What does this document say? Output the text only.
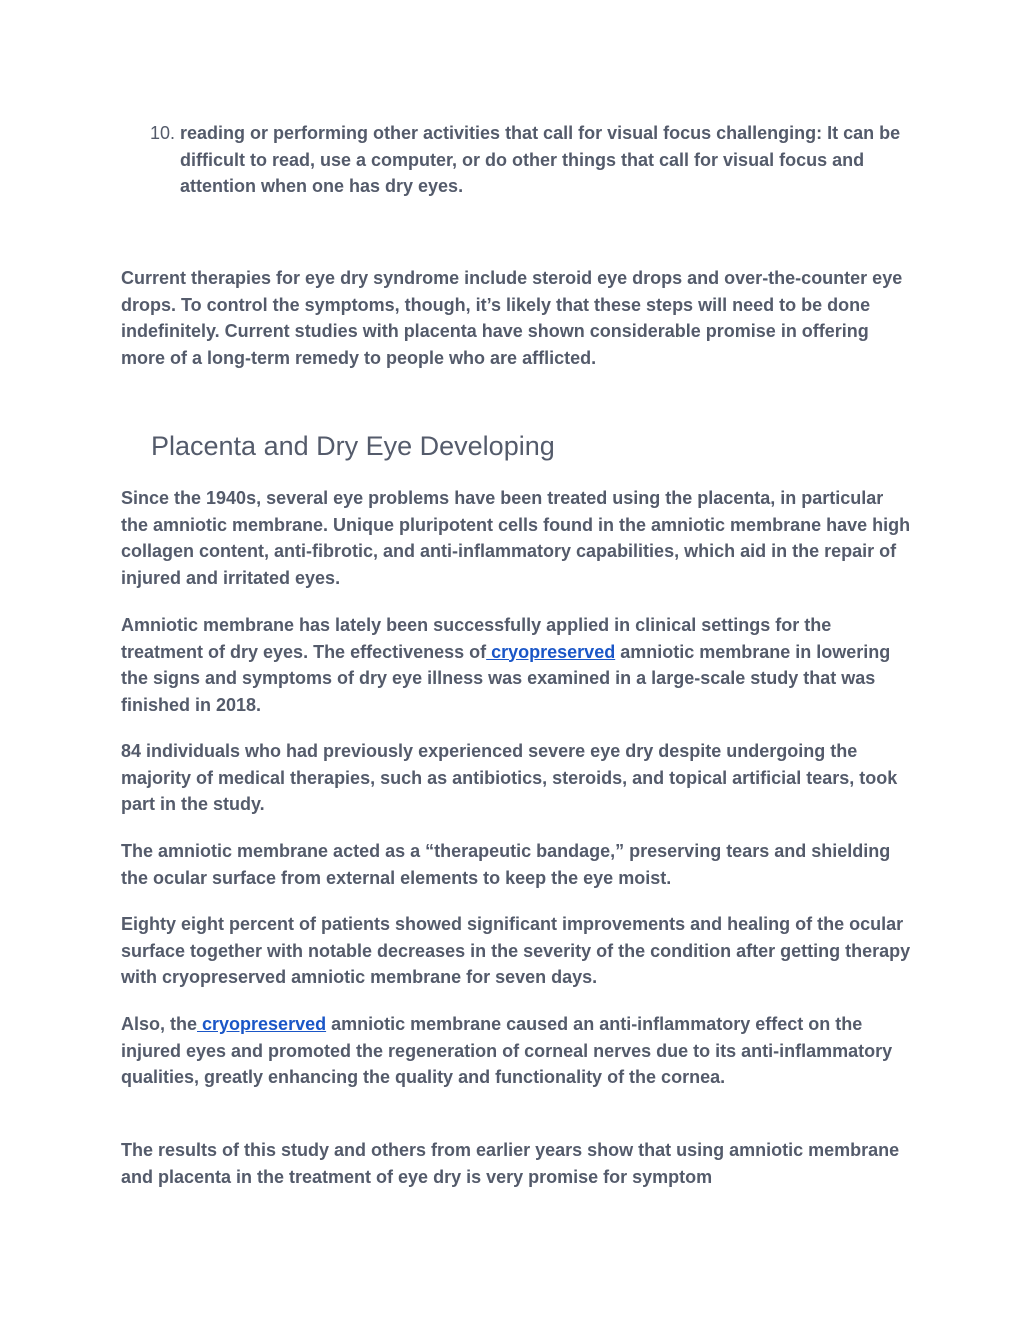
10. reading or performing other activities that call for visual focus challenging: It can be difficult to read, use a computer, or do other things that call for visual focus and attention when one has dry eyes.

Current therapies for eye dry syndrome include steroid eye drops and over-the-counter eye drops. To control the symptoms, though, it’s likely that these steps will need to be done indefinitely. Current studies with placenta have shown considerable promise in offering more of a long-term remedy to people who are afflicted.

Placenta and Dry Eye Developing

Since the 1940s, several eye problems have been treated using the placenta, in particular the amniotic membrane. Unique pluripotent cells found in the amniotic membrane have high collagen content, anti-fibrotic, and anti-inflammatory capabilities, which aid in the repair of injured and irritated eyes.

Amniotic membrane has lately been successfully applied in clinical settings for the treatment of dry eyes. The effectiveness of cryopreserved amniotic membrane in lowering the signs and symptoms of dry eye illness was examined in a large-scale study that was finished in 2018.

84 individuals who had previously experienced severe eye dry despite undergoing the majority of medical therapies, such as antibiotics, steroids, and topical artificial tears, took part in the study.

The amniotic membrane acted as a “therapeutic bandage,” preserving tears and shielding the ocular surface from external elements to keep the eye moist.

Eighty eight percent of patients showed significant improvements and healing of the ocular surface together with notable decreases in the severity of the condition after getting therapy with cryopreserved amniotic membrane for seven days.

Also, the cryopreserved amniotic membrane caused an anti-inflammatory effect on the injured eyes and promoted the regeneration of corneal nerves due to its anti-inflammatory qualities, greatly enhancing the quality and functionality of the cornea.

The results of this study and others from earlier years show that using amniotic membrane and placenta in the treatment of eye dry is very promise for symptom
